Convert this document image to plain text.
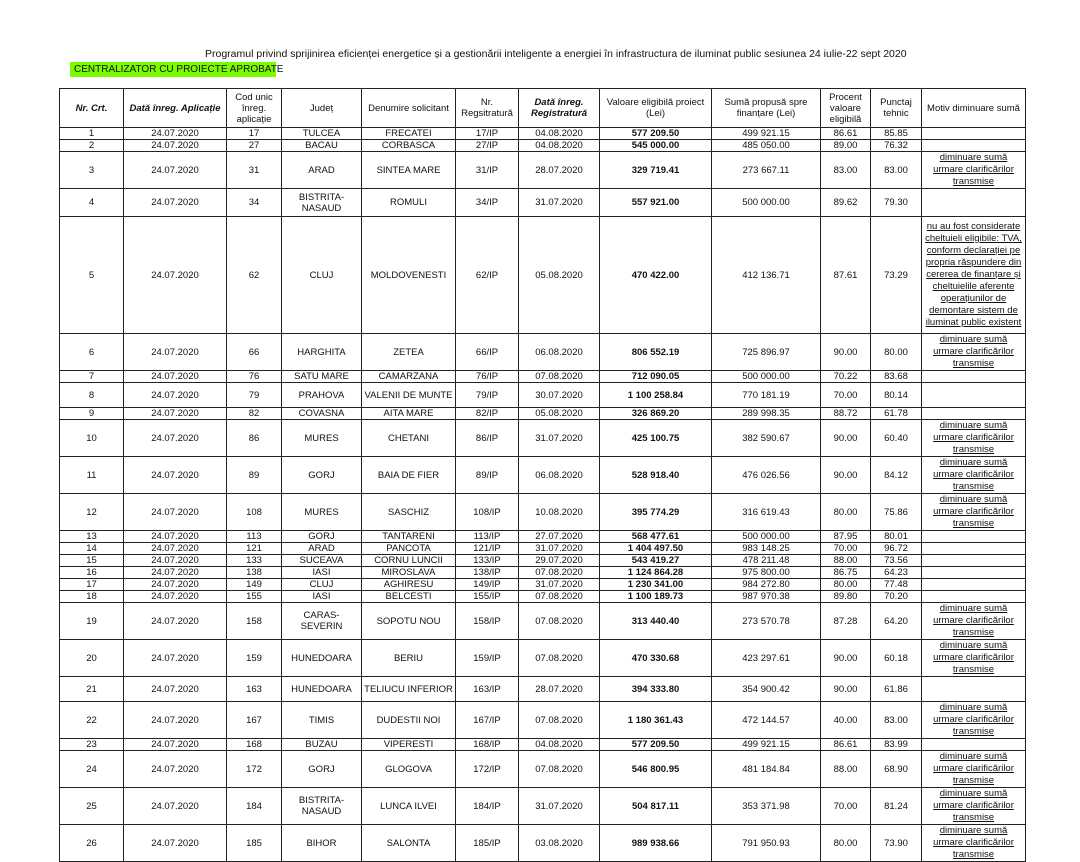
Programul privind sprijinirea eficienței energetice și a gestionării inteligente a energiei în infrastructura de iluminat public sesiunea 24 iulie-22 sept 2020
CENTRALIZATOR CU PROIECTE APROBATE
Nr. Crt.	Dată înreg. Aplicație	Cod unic înreg. aplicație	Județ	Denumire solicitant	Nr. Regsitratură	Dată înreg. Registratură	Valoare eligibilă proiect (Lei)	Sumă propusă spre finanțare (Lei)	Procent valoare eligibilă	Punctaj tehnic	Motiv diminuare sumă
1	24.07.2020	17	TULCEA	FRECATEI	17/IP	04.08.2020	577 209.50	499 921.15	86.61	85.85	
2	24.07.2020	27	BACAU	CORBASCA	27/IP	04.08.2020	545 000.00	485 050.00	89.00	76.32	
3	24.07.2020	31	ARAD	SINTEA MARE	31/IP	28.07.2020	329 719.41	273 667.11	83.00	83.00	diminuare sumă urmare clarificărilor transmise
4	24.07.2020	34	BISTRITA-NASAUD	ROMULI	34/IP	31.07.2020	557 921.00	500 000.00	89.62	79.30	
5	24.07.2020	62	CLUJ	MOLDOVENESTI	62/IP	05.08.2020	470 422.00	412 136.71	87.61	73.29	nu au fost considerate cheltuieli eligibile: TVA, conform declarației pe propria răspundere din cererea de finanțare și cheltuielile aferente operațiunilor de demontare sistem de iluminat public existent
6	24.07.2020	66	HARGHITA	ZETEA	66/IP	06.08.2020	806 552.19	725 896.97	90.00	80.00	diminuare sumă urmare clarificărilor transmise
7	24.07.2020	76	SATU MARE	CAMARZANA	76/IP	07.08.2020	712 090.05	500 000.00	70.22	83.68	
8	24.07.2020	79	PRAHOVA	VALENII DE MUNTE	79/IP	30.07.2020	1 100 258.84	770 181.19	70.00	80.14	
9	24.07.2020	82	COVASNA	AITA MARE	82/IP	05.08.2020	326 869.20	289 998.35	88.72	61.78	
10	24.07.2020	86	MURES	CHETANI	86/IP	31.07.2020	425 100.75	382 590.67	90.00	60.40	diminuare sumă urmare clarificărilor transmise
11	24.07.2020	89	GORJ	BAIA DE FIER	89/IP	06.08.2020	528 918.40	476 026.56	90.00	84.12	diminuare sumă urmare clarificărilor transmise
12	24.07.2020	108	MURES	SASCHIZ	108/IP	10.08.2020	395 774.29	316 619.43	80.00	75.86	diminuare sumă urmare clarificărilor transmise
13	24.07.2020	113	GORJ	TANTARENI	113/IP	27.07.2020	568 477.61	500 000.00	87.95	80.01	
14	24.07.2020	121	ARAD	PANCOTA	121/IP	31.07.2020	1 404 497.50	983 148.25	70.00	96.72	
15	24.07.2020	133	SUCEAVA	CORNU LUNCII	133/IP	29.07.2020	543 419.27	478 211.48	88.00	73.56	
16	24.07.2020	138	IASI	MIROSLAVA	138/IP	07.08.2020	1 124 864.28	975 800.00	86.75	64.23	
17	24.07.2020	149	CLUJ	AGHIRESU	149/IP	31.07.2020	1 230 341.00	984 272.80	80.00	77.48	
18	24.07.2020	155	IASI	BELCESTI	155/IP	07.08.2020	1 100 189.73	987 970.38	89.80	70.20	
19	24.07.2020	158	CARAS-SEVERIN	SOPOTU NOU	158/IP	07.08.2020	313 440.40	273 570.78	87.28	64.20	diminuare sumă urmare clarificărilor transmise
20	24.07.2020	159	HUNEDOARA	BERIU	159/IP	07.08.2020	470 330.68	423 297.61	90.00	60.18	diminuare sumă urmare clarificărilor transmise
21	24.07.2020	163	HUNEDOARA	TELIUCU INFERIOR	163/IP	28.07.2020	394 333.80	354 900.42	90.00	61.86	
22	24.07.2020	167	TIMIS	DUDESTII NOI	167/IP	07.08.2020	1 180 361.43	472 144.57	40.00	83.00	diminuare sumă urmare clarificărilor transmise
23	24.07.2020	168	BUZAU	VIPERESTI	168/IP	04.08.2020	577 209.50	499 921.15	86.61	83.99	
24	24.07.2020	172	GORJ	GLOGOVA	172/IP	07.08.2020	546 800.95	481 184.84	88.00	68.90	diminuare sumă urmare clarificărilor transmise
25	24.07.2020	184	BISTRITA-NASAUD	LUNCA ILVEI	184/IP	31.07.2020	504 817.11	353 371.98	70.00	81.24	diminuare sumă urmare clarificărilor transmise
26	24.07.2020	185	BIHOR	SALONTA	185/IP	03.08.2020	989 938.66	791 950.93	80.00	73.90	diminuare sumă urmare clarificărilor transmise
